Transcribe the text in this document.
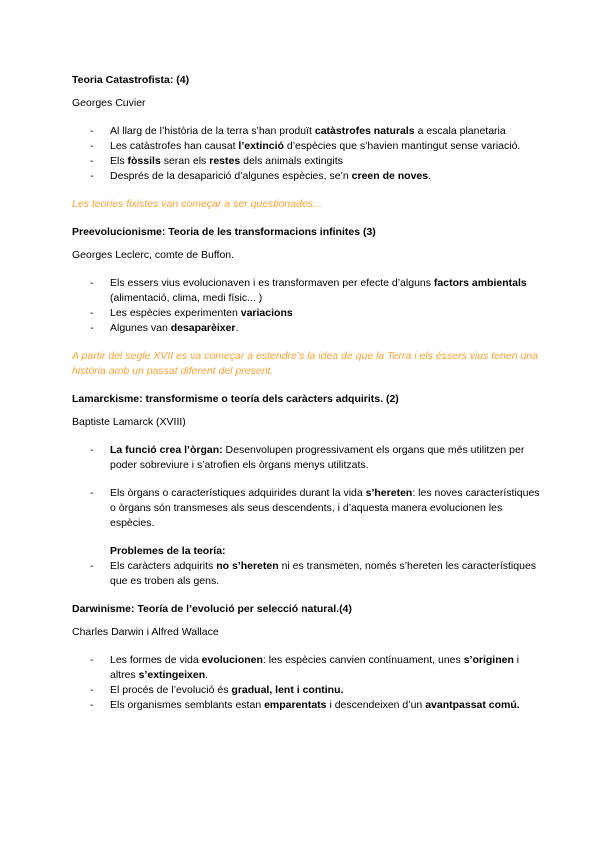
Teoria Catastrofista: (4)
Georges Cuvier
-	Al llarg de l’història de la terra s’han produït catàstrofes naturals a escala planetaria
-	Les catàstrofes han causat l’extinció d’espècies que s’havien mantingut sense variació.
-	Els fòssils seran els restes dels animals extingits
-	Després de la desaparició d’algunes espècies, se’n creen de noves.
Les teories fixistes van começar a ser questionades...
Preevolucionisme: Teoria de les transformacions infinites (3)
Georges Leclerc, comte de Buffon.
-	Els essers vius evolucionaven i es transformaven per efecte d’alguns factors ambientals (alimentació, clima, medi físic... )
-	Les espècies experimenten variacions
-	Algunes van desaparèixer.
A partir del segle XVII es va começar a estendre’s la idea de que la Terra i els éssers vius tenen una història amb un passat diferent del present.
Lamarckisme: transformisme o teoría dels caràcters adquirits. (2)
Baptiste Lamarck (XVIII)
-	La funció crea l’òrgan: Desenvolupen progressivament els organs que més utilitzen per poder sobreviure i s’atrofien els òrgans menys utilitzats.
-	Els òrgans o característiques adquirides durant la vida s’hereten: les noves característiques o òrgans són transmeses als seus descendents, i d’aquesta manera evolucionen les espècies.
Problemes de la teoría:
-	Els caràcters adquirits no s’hereten ni es transmeten, només s’hereten les característiques que es troben als gens.
Darwinisme: Teoría de l’evolució per selecció natural.(4)
Charles Darwin i Alfred Wallace
-	Les formes de vida evolucionen: les espècies canvien contínuament, unes s’originen i altres s’extingeixen.
-	El procés de l’evolució és gradual, lent i continu.
-	Els organismes semblants estan emparentats i descendeixen d’un avantpassat comú.
